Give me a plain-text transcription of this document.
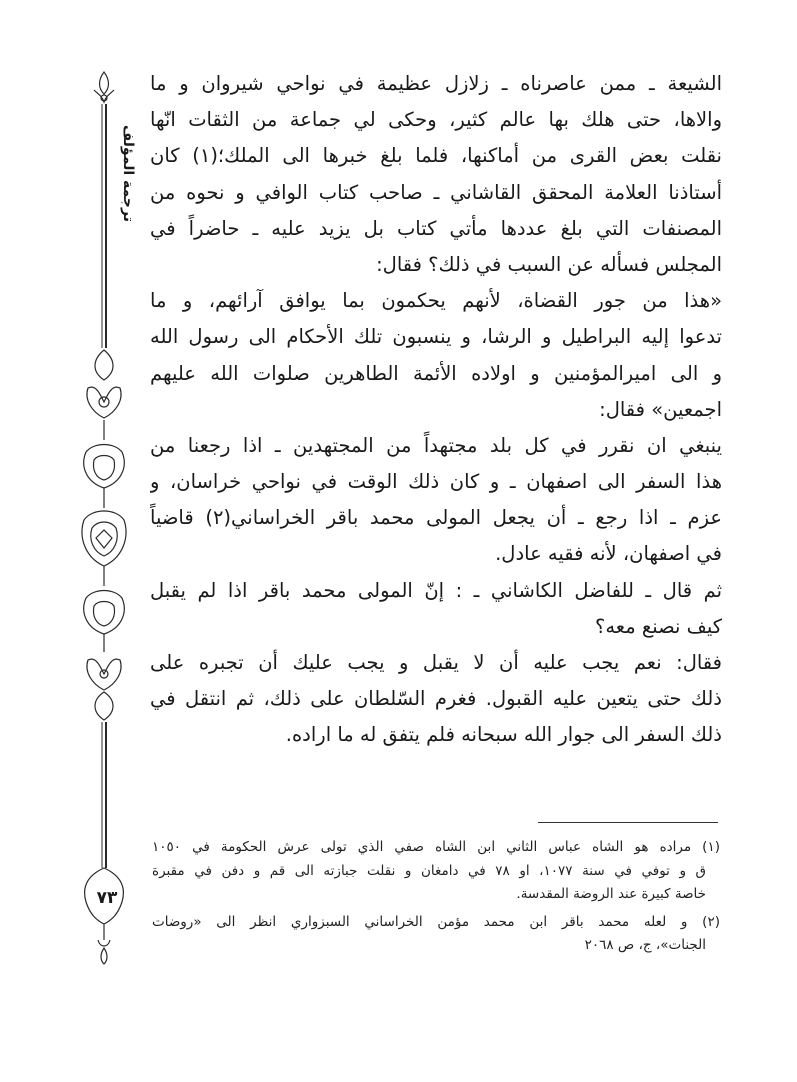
ترجمة المؤلف
٧٣
الشيعة ـ ممن عاصرناه ـ زلازل عظيمة في نواحي شيروان و ما
والاها، حتى هلك بها عالم كثير، وحكى لي جماعة من الثقات انّها
نقلت بعض القرى من أماكنها، فلما بلغ خبرها الى الملك؛(١) كان
أستاذنا العلامة المحقق القاشاني ـ صاحب كتاب الوافي و نحوه من
المصنفات التي بلغ عددها مأتي كتاب بل يزيد عليه ـ حاضراً في
المجلس فسأله عن السبب في ذلك؟ فقال:
«هذا من جور القضاة، لأنهم يحكمون بما يوافق آرائهم، و ما
تدعوا إليه البراطيل و الرشا، و ينسبون تلك الأحكام الى رسول الله
و الى اميرالمؤمنين و اولاده الأئمة الطاهرين صلوات الله عليهم
اجمعين» فقال:
ينبغي ان نقرر في كل بلد مجتهداً من المجتهدين ـ اذا رجعنا من
هذا السفر الى اصفهان ـ و كان ذلك الوقت في نواحي خراسان، و
عزم ـ اذا رجع ـ أن يجعل المولى محمد باقر الخراساني(٢) قاضياً
في اصفهان، لأنه فقيه عادل.
ثم قال ـ للفاضل الكاشاني ـ : إنّ المولى محمد باقر اذا لم يقبل
كيف نصنع معه؟
فقال: نعم يجب عليه أن لا يقبل و يجب عليك أن تجبره على
ذلك حتى يتعين عليه القبول. فغرم السّلطان على ذلك، ثم انتقل في
ذلك السفر الى جوار الله سبحانه فلم يتفق له ما اراده.
(١) مراده هو الشاه عباس الثاني ابن الشاه صفي الذي تولى عرش الحكومة في ١٠٥٠
ق و توفي في سنة ١٠٧٧، او ٧٨ في دامغان و نقلت جبازته الى قم و دفن في مقبرة
خاصة كبيرة عند الروضة المقدسة.
(٢) و لعله محمد باقر ابن محمد مؤمن الخراساني السبزواري انظر الى «روضات
الجنات»، ج، ص ٢٠٦٨
